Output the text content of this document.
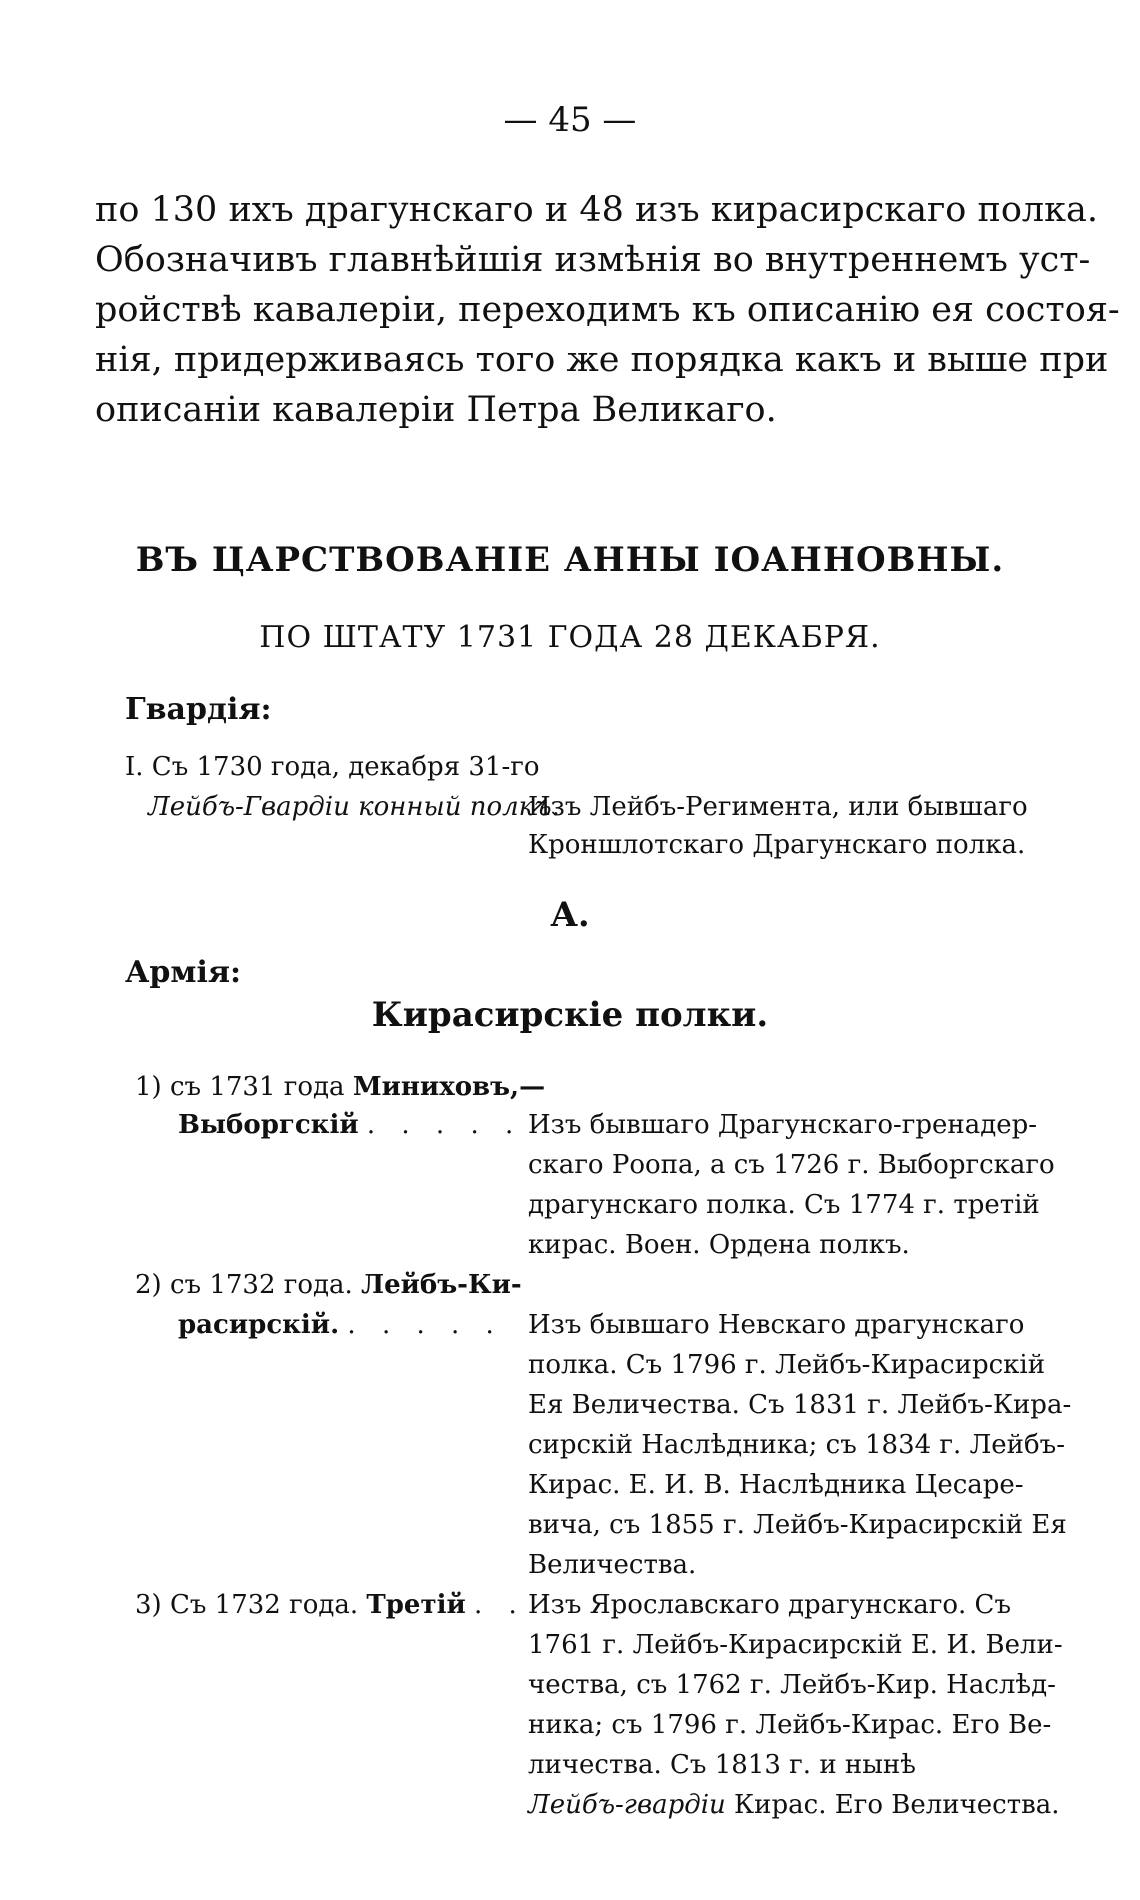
— 45 —
по 130 ихъ драгунскаго и 48 изъ кирасирскаго полка.
Обозначивъ главнѣйшія измѣнія во внутреннемъ уст-
ройствѣ кавалеріи, переходимъ къ описанію ея состоя-
нія, придерживаясь того же порядка какъ и выше при
описаніи кавалеріи Петра Великаго.
ВЪ ЦАРСТВОВАНІЕ АННЫ ІОАННОВНЫ.
ПО ШТАТУ 1731 ГОДА 28 ДЕКАБРЯ.
Гвардія:
I. Съ 1730 года, декабря 31-го
Лейбъ-Гвардіи конный полкъ.
Изъ Лейбъ-Регимента, или бывшаго
Кроншлотскаго Драгунскаго полка.
А.
Армія:
Кирасирскіе полки.
1) съ 1731 года Миниховъ,—
Выборгскій . . . . . Изъ бывшаго Драгунскаго-гренадер-
скаго Роопа, а съ 1726 г. Выборгскаго
драгунскаго полка. Съ 1774 г. третій
кирас. Воен. Ордена полкъ.
2) съ 1732 года. Лейбъ-Ки-
расирскій. . . . . . Изъ бывшаго Невскаго драгунскаго
полка. Съ 1796 г. Лейбъ-Кирасирскій
Ея Величества. Съ 1831 г. Лейбъ-Кира-
сирскій Наслѣдника; съ 1834 г. Лейбъ-
Кирас. Е. И. В. Наслѣдника Цесаре-
вича, съ 1855 г. Лейбъ-Кирасирскій Ея
Величества.
3) Съ 1732 года. Третій . . Изъ Ярославскаго драгунскаго. Съ
1761 г. Лейбъ-Кирасирскій Е. И. Вели-
чества, съ 1762 г. Лейбъ-Кир. Наслѣд-
ника; съ 1796 г. Лейбъ-Кирас. Его Ве-
личества. Съ 1813 г. и нынѣ
Лейбъ-гвардіи Кирас. Его Величества.
